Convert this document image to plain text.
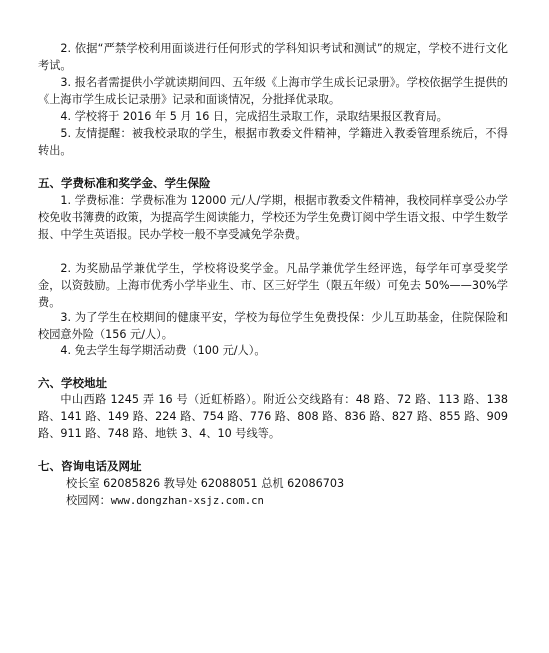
2. 依据“严禁学校利用面谈进行任何形式的学科知识考试和测试”的规定，学校不进行文化考试。

3. 报名者需提供小学就读期间四、五年级《上海市学生成长记录册》。学校依据学生提供的《上海市学生成长记录册》记录和面谈情况，分批择优录取。

4. 学校将于 2016 年 5 月 16 日，完成招生录取工作，录取结果报区教育局。

5. 友情提醒：被我校录取的学生，根据市教委文件精神，学籍进入教委管理系统后，不得转出。

五、学费标准和奖学金、学生保险

1. 学费标准：学费标准为 12000 元/人/学期，根据市教委文件精神，我校同样享受公办学校免收书簿费的政策，为提高学生阅读能力，学校还为学生免费订阅中学生语文报、中学生数学报、中学生英语报。民办学校一般不享受减免学杂费。

2. 为奖励品学兼优学生，学校将设奖学金。凡品学兼优学生经评选，每学年可享受奖学金，以资鼓励。上海市优秀小学毕业生、市、区三好学生（限五年级）可免去 50%——30%学费。

3. 为了学生在校期间的健康平安，学校为每位学生免费投保：少儿互助基金，住院保险和校园意外险（156 元/人）。

4. 免去学生每学期活动费（100 元/人）。

六、学校地址

中山西路 1245 弄 16 号（近虹桥路）。附近公交线路有：48 路、72 路、113 路、138 路、141 路、149 路、224 路、754 路、776 路、808 路、836 路、827 路、855 路、909 路、911 路、748 路、地铁 3、4、10 号线等。

七、咨询电话及网址

校长室 62085826 教导处 62088051 总机 62086703

校园网：www.dongzhan-xsjz.com.cn
